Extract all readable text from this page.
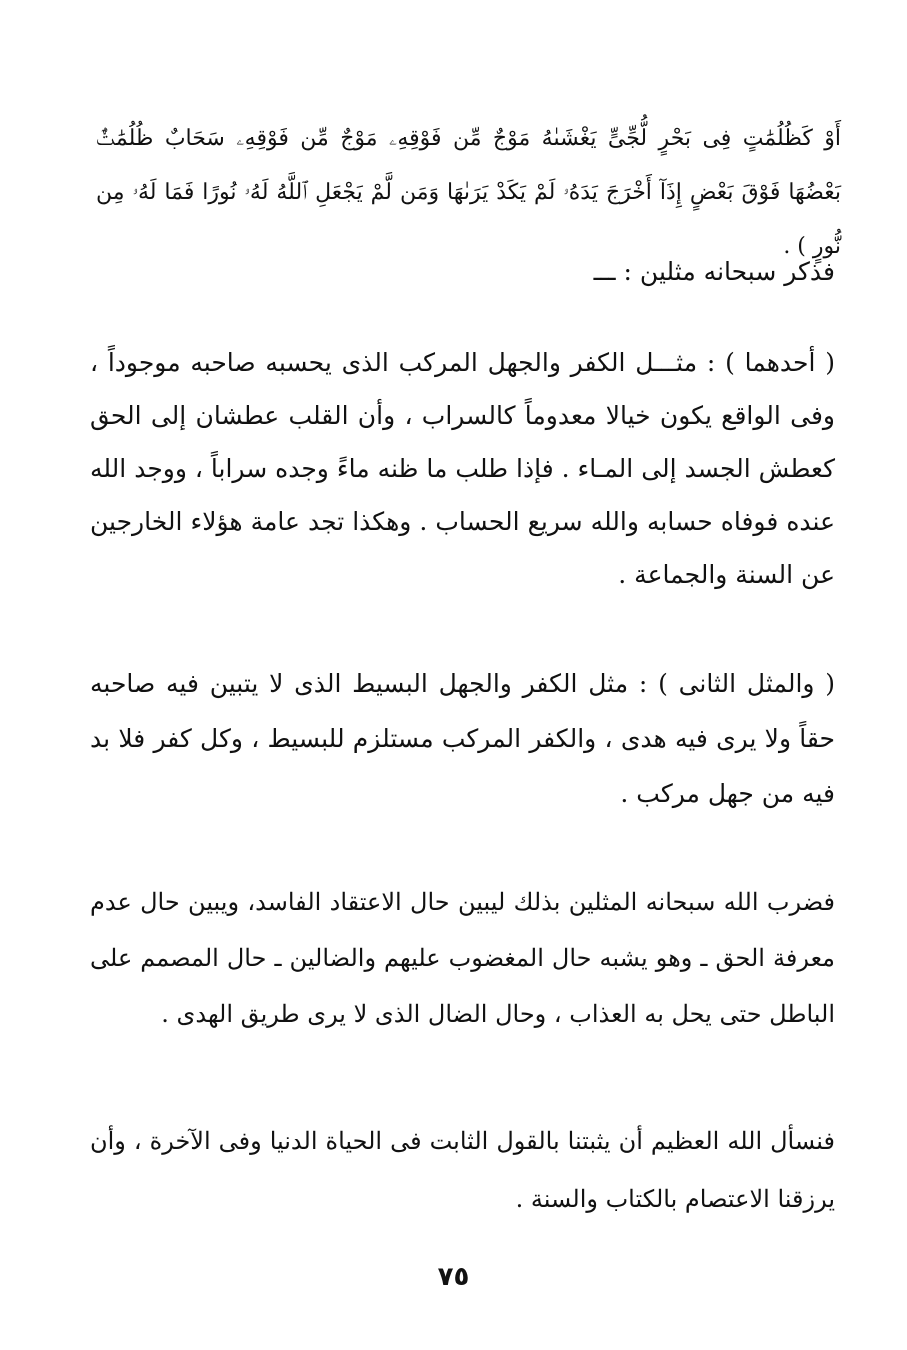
أَوْ كَظُلُمَٰتٍ فِى بَحْرٍ لُّجِّىٍّ يَغْشَىٰهُ مَوْجٌ مِّن فَوْقِهِۦ مَوْجٌ مِّن فَوْقِهِۦ سَحَابٌ ظُلُمَٰتٌۢ بَعْضُهَا فَوْقَ بَعْضٍ إِذَآ أَخْرَجَ يَدَهُۥ لَمْ يَكَدْ يَرَىٰهَا وَمَن لَّمْ يَجْعَلِ ٱللَّهُ لَهُۥ نُورًا فَمَا لَهُۥ مِن نُّورٍ ) .

فذكر سبحانه مثلين : ـــ

( أحدهما ) : مثـــل الكفر والجهل المركب الذى يحسبه صاحبه موجوداً ، وفى الواقع يكون خيالا معدوماً كالسراب ، وأن القلب عطشان إلى الحق كعطش الجسد إلى المـاء . فإذا طلب ما ظنه ماءً وجده سراباً ، ووجد الله عنده فوفاه حسابه والله سريع الحساب . وهكذا تجد عامة هؤلاء الخارجين عن السنة والجماعة .

( والمثل الثانى ) : مثل الكفر والجهل البسيط الذى لا يتبين فيه صاحبه حقاً ولا يرى فيه هدى ، والكفر المركب مستلزم للبسيط ، وكل كفر فلا بد فيه من جهل مركب .

فضرب الله سبحانه المثلين بذلك ليبين حال الاعتقاد الفاسد، ويبين حال عدم معرفة الحق ـ وهو يشبه حال المغضوب عليهم والضالين ـ حال المصمم على الباطل حتى يحل به العذاب ، وحال الضال الذى لا يرى طريق الهدى .

فنسأل الله العظيم أن يثبتنا بالقول الثابت فى الحياة الدنيا وفى الآخرة ، وأن يرزقنا الاعتصام بالكتاب والسنة .

٧٥
